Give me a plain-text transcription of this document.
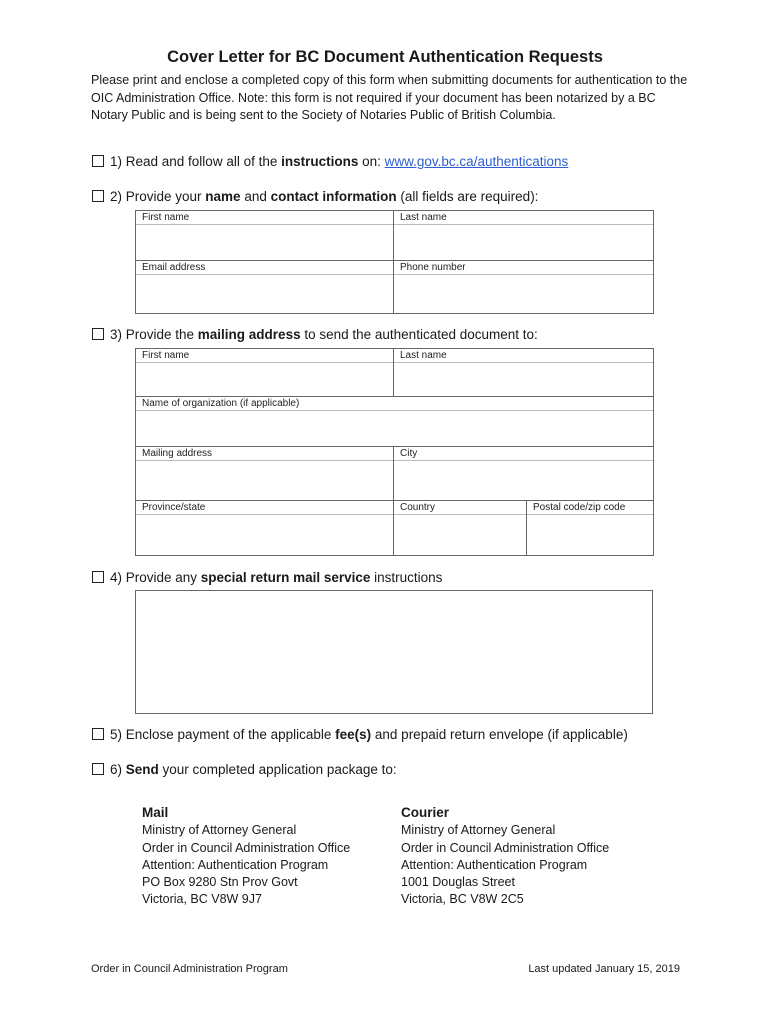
Cover Letter for BC Document Authentication Requests
Please print and enclose a completed copy of this form when submitting documents for authentication to the OIC Administration Office. Note: this form is not required if your document has been notarized by a BC Notary Public and is being sent to the Society of Notaries Public of British Columbia.
1) Read and follow all of the instructions on: www.gov.bc.ca/authentications
2) Provide your name and contact information (all fields are required):
First name	Last name

Email address	Phone number
3) Provide the mailing address to send the authenticated document to:
First name	Last name	

Name of organization (if applicable)		

Mailing address	City	

Province/state	Country	Postal code/zip code
4) Provide any special return mail service instructions
5) Enclose payment of the applicable fee(s) and prepaid return envelope (if applicable)
6) Send your completed application package to:
Mail
Ministry of Attorney General
Order in Council Administration Office
Attention: Authentication Program
PO Box 9280 Stn Prov Govt
Victoria, BC V8W 9J7
Courier
Ministry of Attorney General
Order in Council Administration Office
Attention: Authentication Program
1001 Douglas Street
Victoria, BC V8W 2C5
Order in Council Administration Program	Last updated January 15, 2019
